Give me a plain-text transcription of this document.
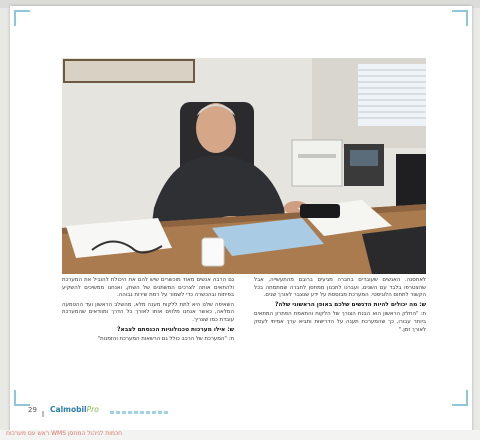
לאחסנה. האנשים שעובדים בחברה מגיעים ברובם מהתעשייה, אבל שהצטרפו בלבד עם השנים, ועברנו לתכנון ממחסן לחברה שמתמחה בכל הקשור לתחום הלוגיסטי. המערכת מבוססת על ידע שנצבר לאורך שנים.

ש: מה יכולים להיות הדגשים שלכם באופן הראשוני שלה?

ת: "החלק הראשון הוא הבנת הצורך של הלקוח והתאמת הפתרון המתאים ביותר עבורו, כך שהמערכת תענה על הדרישות ותביא ערך אמיתי לעסק לאורך זמן."

גם הרבה אנשים מאוד מוכשרים שיש להם את היכולת להוביל את המערכת ולהתאים אותה לצרכים המשתנים של השוק, ואנחנו ממשיכים להשקיע בפיתוח ובהכשרה כדי לשמור על רמת שירות גבוהה.

השאיפה שלנו היא לתת ללקוח מענה מלא, מהשלב הראשון ועד ההטמעה המלאה, כאשר אנחנו מלווים אותו לאורך כל הדרך ומוודאים שהמערכת עובדת כמו שצריך.

ש: אילו מערכות טכנולוגיות הכנסתם לצבא?

ת: "המערכת של הרכב כולל גם הרשאות המערכת והזמנות"

29 CalmobilPro
ראש עם מערכות WMS חכמות לניהול המחסן
